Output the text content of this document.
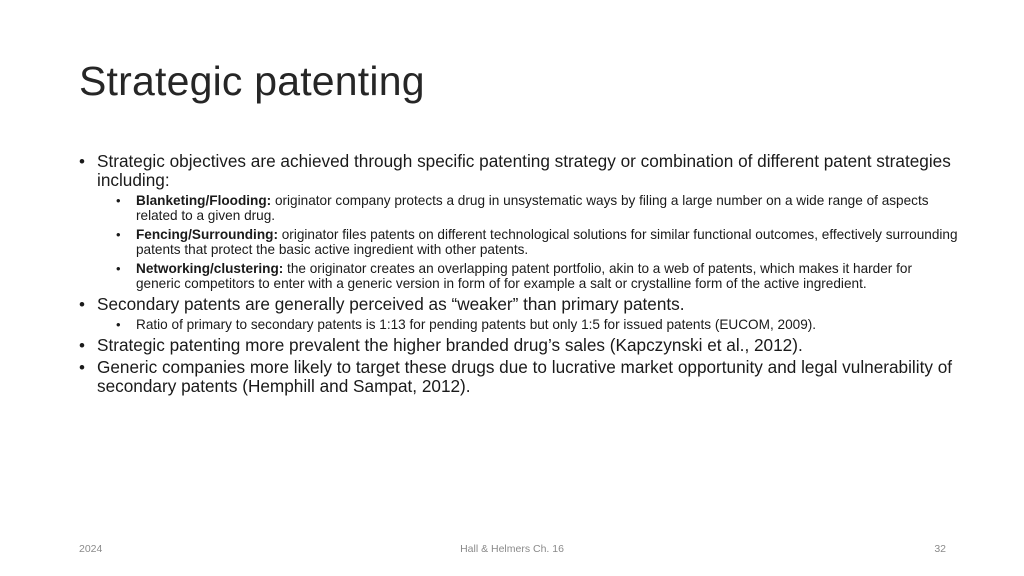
Strategic patenting
• Strategic objectives are achieved through specific patenting strategy or combination of different patent strategies including:
• Blanketing/Flooding: originator company protects a drug in unsystematic ways by filing a large number on a wide range of aspects related to a given drug.
• Fencing/Surrounding: originator files patents on different technological solutions for similar functional outcomes, effectively surrounding patents that protect the basic active ingredient with other patents.
• Networking/clustering: the originator creates an overlapping patent portfolio, akin to a web of patents, which makes it harder for generic competitors to enter with a generic version in form of for example a salt or crystalline form of the active ingredient.
• Secondary patents are generally perceived as “weaker” than primary patents.
• Ratio of primary to secondary patents is 1:13 for pending patents but only 1:5 for issued patents (EUCOM, 2009).
• Strategic patenting more prevalent the higher branded drug’s sales (Kapczynski et al., 2012).
• Generic companies more likely to target these drugs due to lucrative market opportunity and legal vulnerability of secondary patents (Hemphill and Sampat, 2012).
2024	Hall & Helmers Ch. 16	32
